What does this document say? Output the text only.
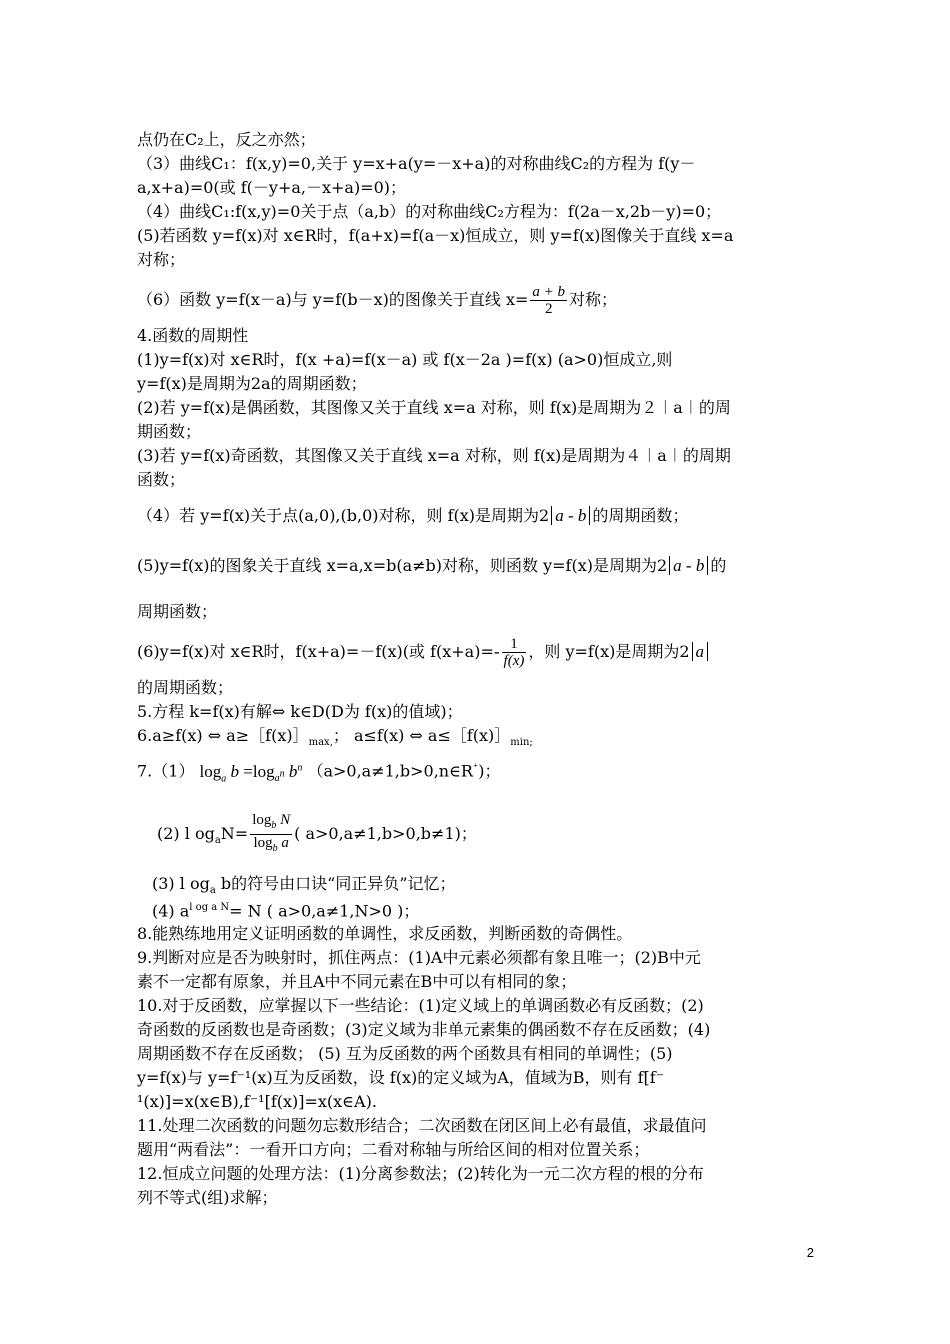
点仍在C₂上，反之亦然；
（3）曲线C₁：f(x,y)=0,关于 y=x+a(y=－x+a)的对称曲线C₂的方程为 f(y－
a,x+a)=0(或 f(－y+a,－x+a)=0)；
（4）曲线C₁:f(x,y)=0关于点（a,b）的对称曲线C₂方程为：f(2a－x,2b－y)=0；
(5)若函数 y=f(x)对 x∈R时，f(a+x)=f(a－x)恒成立，则 y=f(x)图像关于直线 x=a
对称；
（6）函数 y=f(x－a)与 y=f(b－x)的图像关于直线 $x= \frac{a + b}{2}$ 对称；
4.函数的周期性
(1)y=f(x)对 x∈R时，f(x +a)=f(x－a) 或 f(x－2a )=f(x) (a>0)恒成立,则
y=f(x)是周期为2a的周期函数；
(2)若 y=f(x)是偶函数，其图像又关于直线 x=a 对称，则 f(x)是周期为２︱a︱的周
期函数；
(3)若 y=f(x)奇函数，其图像又关于直线 x=a 对称，则 f(x)是周期为４︱a︱的周期
函数；
（4）若 y=f(x)关于点(a,0),(b,0)对称，则 f(x)是周期为2 a - b 的周期函数；
(5)y=f(x)的图象关于直线 x=a,x=b(a≠b)对称，则函数 y=f(x)是周期为2 a - b 的
周期函数；
(6)y=f(x)对 x∈R时，f(x+a)=－f(x)(或 $f(x+a)=- \frac{1}{f(x)}$ ，则 y=f(x)是周期为2 a
的周期函数；
5.方程 k=f(x)有解⇔ k∈D(D为 f(x)的值域)；
6.a≥f(x) ⇔ $a\ge[f(x)]_{max,}$； a≤f(x) ⇔ $a\le[f(x)]_{min;}$
7.（1） $\log_a b =\log_{a^n}$ $b^n$ （a>0,a≠1,b>0,n∈R⁺)；
(2) l $og_aN= \frac{\log_b N}{\log_b a}$ ( a>0,a≠1,b>0,b≠1)；
(3) l $og_a$ b的符号由口诀“同正异负”记忆；
(4) $a^{l og a N}= N$ ( a>0,a≠1,N>0 )；
8.能熟练地用定义证明函数的单调性，求反函数，判断函数的奇偶性。
9.判断对应是否为映射时，抓住两点：(1)A中元素必须都有象且唯一；(2)B中元
素不一定都有原象，并且A中不同元素在B中可以有相同的象；
10.对于反函数，应掌握以下一些结论：(1)定义域上的单调函数必有反函数；(2)
奇函数的反函数也是奇函数；(3)定义域为非单元素集的偶函数不存在反函数；(4)
周期函数不存在反函数； (5) 互为反函数的两个函数具有相同的单调性；(5)
y=f(x)与 y=f⁻¹(x)互为反函数，设 f(x)的定义域为A，值域为B，则有 f[f⁻
¹(x)]=x(x∈B),f⁻¹[f(x)]=x(x∈A).
11.处理二次函数的问题勿忘数形结合；二次函数在闭区间上必有最值，求最值问
题用“两看法”：一看开口方向；二看对称轴与所给区间的相对位置关系；
12.恒成立问题的处理方法：(1)分离参数法；(2)转化为一元二次方程的根的分布
列不等式(组)求解；
2
